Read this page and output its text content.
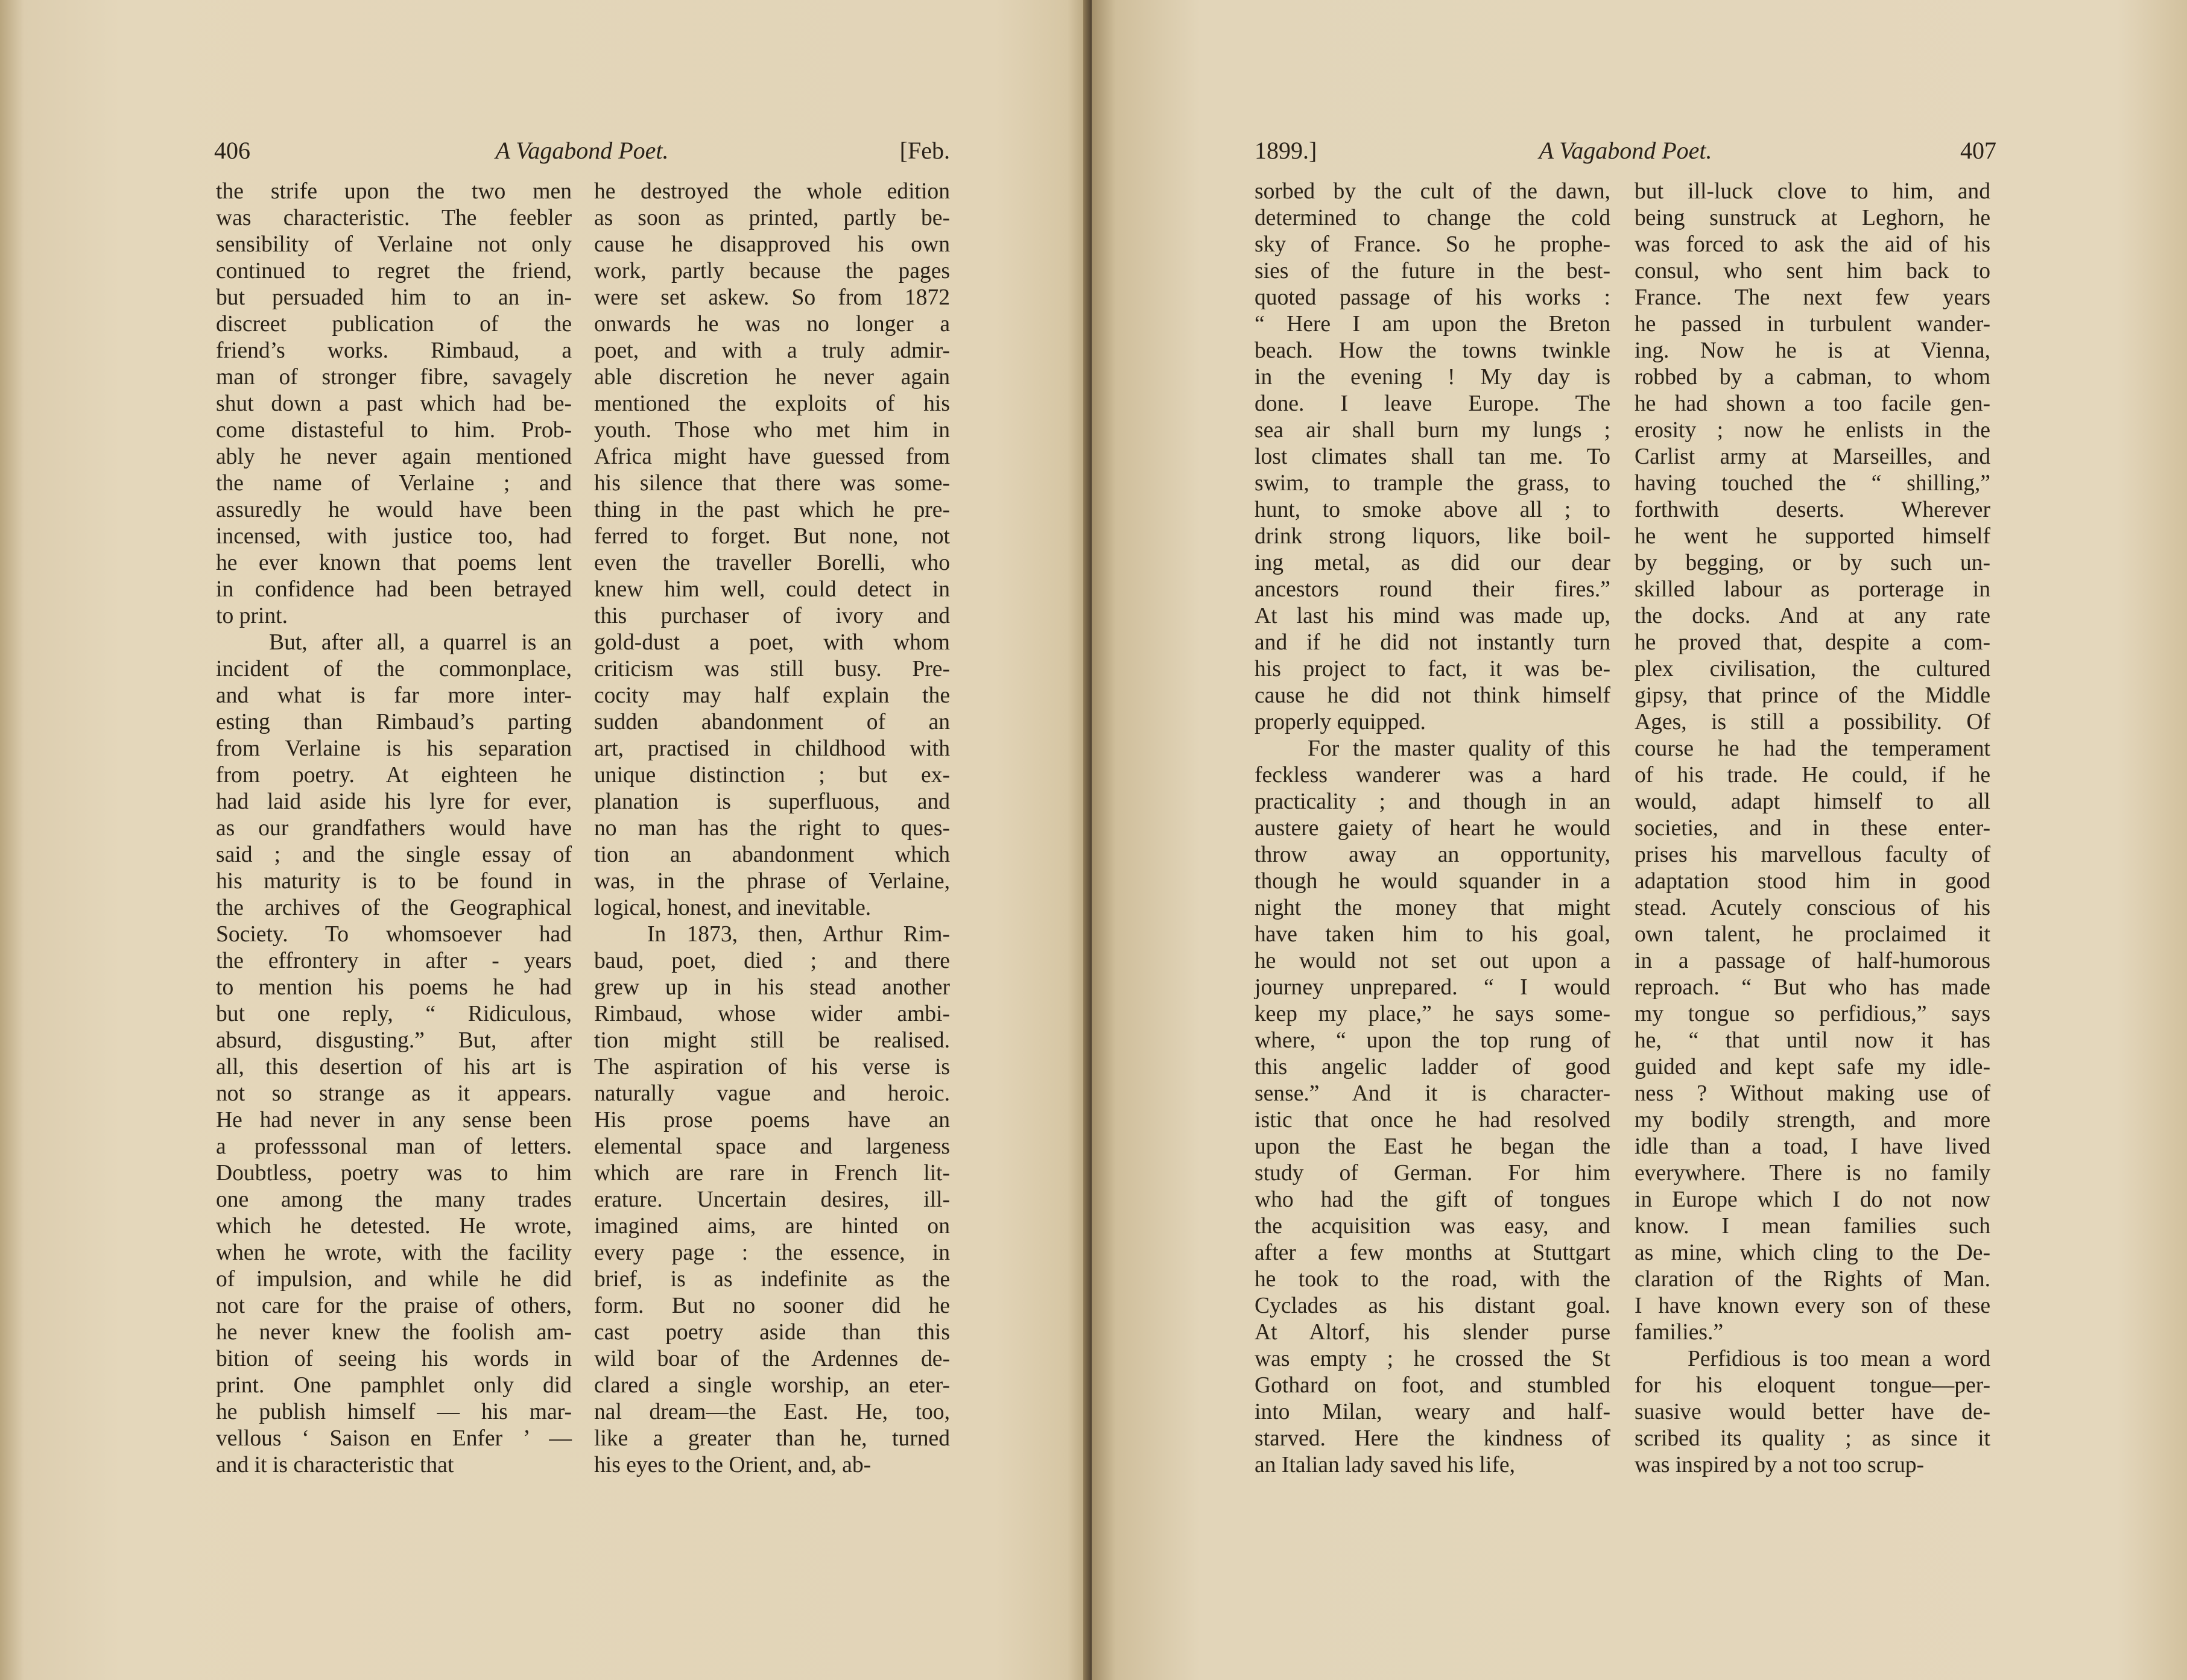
406	A Vagabond Poet.	[Feb.
the strife upon the two men
was characteristic. The feebler
sensibility of Verlaine not only
continued to regret the friend,
but persuaded him to an in-
discreet publication of the
friend’s works. Rimbaud, a
man of stronger fibre, savagely
shut down a past which had be-
come distasteful to him. Prob-
ably he never again mentioned
the name of Verlaine ; and
assuredly he would have been
incensed, with justice too, had
he ever known that poems lent
in confidence had been betrayed
to print.
But, after all, a quarrel is an
incident of the commonplace,
and what is far more inter-
esting than Rimbaud’s parting
from Verlaine is his separation
from poetry. At eighteen he
had laid aside his lyre for ever,
as our grandfathers would have
said ; and the single essay of
his maturity is to be found in
the archives of the Geographical
Society. To whomsoever had
the effrontery in after - years
to mention his poems he had
but one reply, “ Ridiculous,
absurd, disgusting.” But, after
all, this desertion of his art is
not so strange as it appears.
He had never in any sense been
a professsonal man of letters.
Doubtless, poetry was to him
one among the many trades
which he detested. He wrote,
when he wrote, with the facility
of impulsion, and while he did
not care for the praise of others,
he never knew the foolish am-
bition of seeing his words in
print. One pamphlet only did
he publish himself — his mar-
vellous ‘ Saison en Enfer ’ —
and it is characteristic that
he destroyed the whole edition
as soon as printed, partly be-
cause he disapproved his own
work, partly because the pages
were set askew. So from 1872
onwards he was no longer a
poet, and with a truly admir-
able discretion he never again
mentioned the exploits of his
youth. Those who met him in
Africa might have guessed from
his silence that there was some-
thing in the past which he pre-
ferred to forget. But none, not
even the traveller Borelli, who
knew him well, could detect in
this purchaser of ivory and
gold-dust a poet, with whom
criticism was still busy. Pre-
cocity may half explain the
sudden abandonment of an
art, practised in childhood with
unique distinction ; but ex-
planation is superfluous, and
no man has the right to ques-
tion an abandonment which
was, in the phrase of Verlaine,
logical, honest, and inevitable.
In 1873, then, Arthur Rim-
baud, poet, died ; and there
grew up in his stead another
Rimbaud, whose wider ambi-
tion might still be realised.
The aspiration of his verse is
naturally vague and heroic.
His prose poems have an
elemental space and largeness
which are rare in French lit-
erature. Uncertain desires, ill-
imagined aims, are hinted on
every page : the essence, in
brief, is as indefinite as the
form. But no sooner did he
cast poetry aside than this
wild boar of the Ardennes de-
clared a single worship, an eter-
nal dream—the East. He, too,
like a greater than he, turned
his eyes to the Orient, and, ab-
1899.]	A Vagabond Poet.	407
sorbed by the cult of the dawn,
determined to change the cold
sky of France. So he prophe-
sies of the future in the best-
quoted passage of his works :
“ Here I am upon the Breton
beach. How the towns twinkle
in the evening ! My day is
done. I leave Europe. The
sea air shall burn my lungs ;
lost climates shall tan me. To
swim, to trample the grass, to
hunt, to smoke above all ; to
drink strong liquors, like boil-
ing metal, as did our dear
ancestors round their fires.”
At last his mind was made up,
and if he did not instantly turn
his project to fact, it was be-
cause he did not think himself
properly equipped.
For the master quality of this
feckless wanderer was a hard
practicality ; and though in an
austere gaiety of heart he would
throw away an opportunity,
though he would squander in a
night the money that might
have taken him to his goal,
he would not set out upon a
journey unprepared. “ I would
keep my place,” he says some-
where, “ upon the top rung of
this angelic ladder of good
sense.” And it is character-
istic that once he had resolved
upon the East he began the
study of German. For him
who had the gift of tongues
the acquisition was easy, and
after a few months at Stuttgart
he took to the road, with the
Cyclades as his distant goal.
At Altorf, his slender purse
was empty ; he crossed the St
Gothard on foot, and stumbled
into Milan, weary and half-
starved. Here the kindness of
an Italian lady saved his life,
but ill-luck clove to him, and
being sunstruck at Leghorn, he
was forced to ask the aid of his
consul, who sent him back to
France. The next few years
he passed in turbulent wander-
ing. Now he is at Vienna,
robbed by a cabman, to whom
he had shown a too facile gen-
erosity ; now he enlists in the
Carlist army at Marseilles, and
having touched the “ shilling,”
forthwith deserts. Wherever
he went he supported himself
by begging, or by such un-
skilled labour as porterage in
the docks. And at any rate
he proved that, despite a com-
plex civilisation, the cultured
gipsy, that prince of the Middle
Ages, is still a possibility. Of
course he had the temperament
of his trade. He could, if he
would, adapt himself to all
societies, and in these enter-
prises his marvellous faculty of
adaptation stood him in good
stead. Acutely conscious of his
own talent, he proclaimed it
in a passage of half-humorous
reproach. “ But who has made
my tongue so perfidious,” says
he, “ that until now it has
guided and kept safe my idle-
ness ? Without making use of
my bodily strength, and more
idle than a toad, I have lived
everywhere. There is no family
in Europe which I do not now
know. I mean families such
as mine, which cling to the De-
claration of the Rights of Man.
I have known every son of these
families.”
Perfidious is too mean a word
for his eloquent tongue—per-
suasive would better have de-
scribed its quality ; as since it
was inspired by a not too scrup-
